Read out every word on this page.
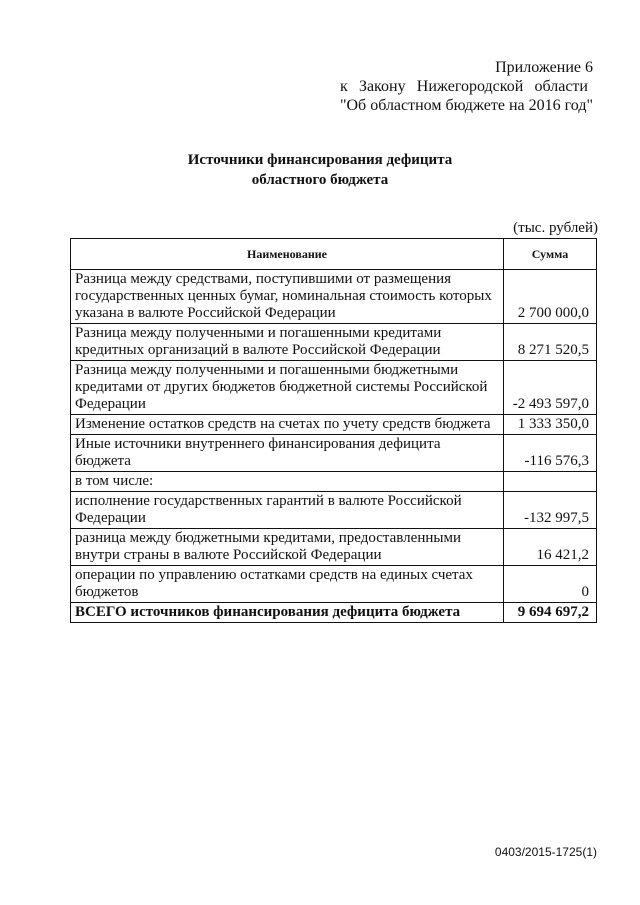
Приложение 6
к Закону Нижегородской области
"Об областном бюджете на 2016 год"
Источники финансирования дефицита
областного бюджета
(тыс. рублей)
Наименование	Сумма
Разница между средствами, поступившими от размещения государственных ценных бумаг, номинальная стоимость которых указана в валюте Российской Федерации	2 700 000,0
Разница между полученными и погашенными кредитами кредитных организаций в валюте Российской Федерации	8 271 520,5
Разница между полученными и погашенными бюджетными кредитами от других бюджетов бюджетной системы Российской Федерации	-2 493 597,0
Изменение остатков средств на счетах по учету средств бюджета	1 333 350,0
Иные источники внутреннего финансирования дефицита бюджета	-116 576,3
в том числе:	
исполнение государственных гарантий в валюте Российской Федерации	-132 997,5
разница между бюджетными кредитами, предоставленными внутри страны в валюте Российской Федерации	16 421,2
операции по управлению остатками средств на единых счетах бюджетов	0
ВСЕГО источников финансирования дефицита бюджета	9 694 697,2
0403/2015-1725(1)
